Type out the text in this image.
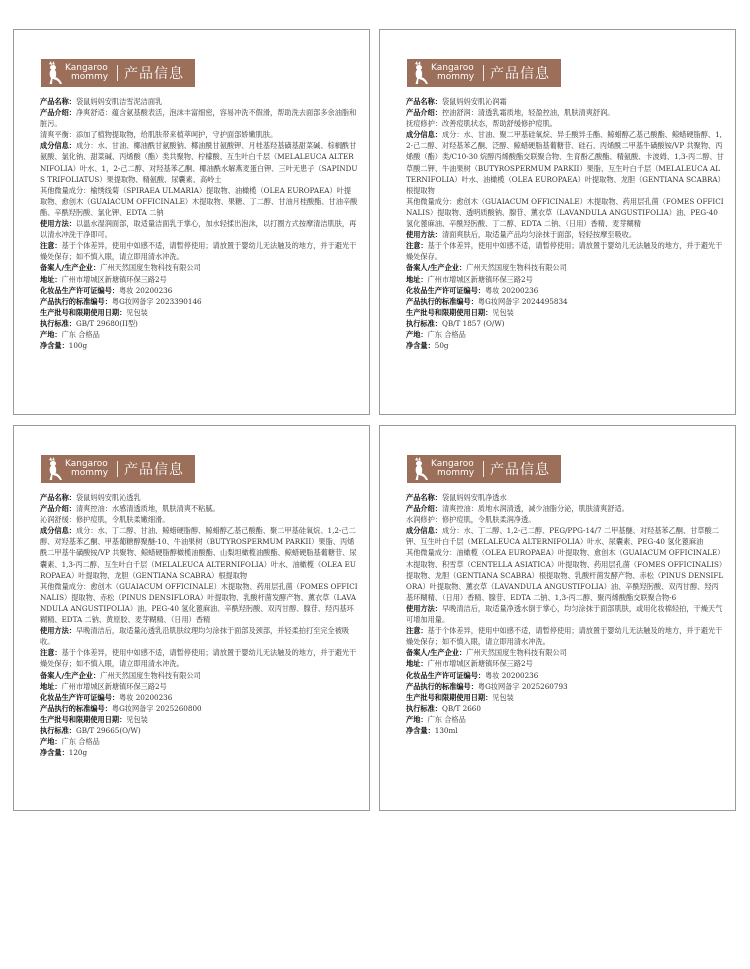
Kangaroo
mommy	产品信息
产品名称：袋鼠妈妈安肌洁雪泥洁面乳
产品介绍：净爽舒适：蕴含氨基酸表活，泡沫丰富细密，容易冲洗不假滑，帮助洗去面部多余油脂和脏污。
清爽平衡：添加了植物提取物，给肌肤带来植萃呵护，守护面部娇嫩肌肤。
成分信息：成分：水、甘油、椰油酰甘氨酸钠、椰油酰甘氨酸钾、月桂基羟基磺基甜菜碱、棕榈酰甘氨酸、氯化钠、甜菜碱、丙烯酸（酯）类共聚物、柠檬酸、互生叶白千层（MELALEUCA ALTERNIFOLIA）叶水、1，2-己二醇、对羟基苯乙酮、椰油酰水解燕麦蛋白钾、三叶无患子（SAPINDUS TRIFOLIATUS）果提取物、精氨酸、尿囊素、高岭土
其他微量成分：榆绣线菊（SPIRAEA ULMARIA）提取物、油橄榄（OLEA EUROPAEA）叶提取物、愈创木（GUAIACUM OFFICINALE）木提取物、果糖、丁二醇、甘油月桂酸酯、甘油辛酸酯、辛酰羟肟酸、氯化钾、EDTA 二钠
使用方法：以温水湿润面部，取适量洁面乳于掌心，加水轻揉出泡沫，以打圈方式按摩清洁肌肤，再以清水冲洗干净即可。
注意：基于个体差异，使用中如感不适，请暂停使用；请放置于婴幼儿无法触及的地方，并于避光干燥处保存；如不慎入眼，请立即用清水冲洗。
备案人/生产企业：广州天然国度生物科技有限公司
地址：广州市增城区新塘镇环保三路2号
化妆品生产许可证编号：粤妆 20200236
产品执行的标准编号：粤G妆网备字 2023390146
生产批号和限期使用日期：见包装
执行标准：GB/T 29680(II型)
产地：广东 合格品
净含量：100g
Kangaroo
mommy	产品信息
产品名称：袋鼠妈妈安肌沁润霜
产品介绍：控油舒润：清透乳霜质地，轻盈控油，肌肤清爽舒润。
抚痘修护：改善痘肌状态，帮助舒缓修护痘肌。
成分信息：成分：水、甘油、聚二甲基硅氧烷、异壬酸异壬酯、鲸蜡醇乙基己酸酯、鲸蜡硬脂醇、1,2-己二醇、对羟基苯乙酮、泛醇、鲸蜡硬脂基葡糖苷、硅石、丙烯酰二甲基牛磺酸铵/VP 共聚物、丙烯酸（酯）类/C10-30 烷醇丙烯酸酯交联聚合物、生育酚乙酸酯、精氨酸、卡波姆、1,3-丙二醇、甘草酸二钾、牛油果树（BUTYROSPERMUM PARKII）果脂、互生叶白千层（MELALEUCA ALTERNIFOLIA）叶水、油橄榄（OLEA EUROPAEA）叶提取物、龙胆（GENTIANA SCABRA）根提取物
其他微量成分：愈创木（GUAIACUM OFFICINALE）木提取物、药用层孔菌（FOMES OFFICINALIS）提取物、透明质酸钠、腺苷、薰衣草（LAVANDULA ANGUSTIFOLIA）油、PEG-40 氢化蓖麻油、辛酰羟肟酸、丁二醇、EDTA 二钠、（日用）香精、麦芽糊精
使用方法：清面爽肤后，取适量产品均匀涂抹于面部，轻轻按摩至吸收。
注意：基于个体差异，使用中如感不适，请暂停使用；请放置于婴幼儿无法触及的地方，并于避光干燥处保存。
备案人/生产企业：广州天然国度生物科技有限公司
地址：广州市增城区新塘镇环保三路2号
化妆品生产许可证编号：粤妆 20200236
产品执行的标准编号：粤G妆网备字 2024495834
生产批号和限期使用日期：见包装
执行标准：QB/T 1857 (O/W)
产地：广东 合格品
净含量：50g
Kangaroo
mommy	产品信息
产品名称：袋鼠妈妈安肌沁透乳
产品介绍：清爽控油：水感清透质地，肌肤清爽不粘腻。
沁润舒缓：修护痘肌，令肌肤柔嫩细滑。
成分信息：成分：水、丁二醇、甘油、鲸蜡硬脂醇、鲸蜡醇乙基己酸酯、聚二甲基硅氧烷、1,2-己二醇、对羟基苯乙酮、甲基葡糖醇聚醚-10、牛油果树（BUTYROSPERMUM PARKII）果脂、丙烯酰二甲基牛磺酸铵/VP 共聚物、鲸蜡硬脂醇橄榄油酸酯、山梨坦橄榄油酸酯、鲸蜡硬脂基葡糖苷、尿囊素、1,3-丙二醇、互生叶白千层（MELALEUCA ALTERNIFOLIA）叶水、油橄榄（OLEA EUROPAEA）叶提取物、龙胆（GENTIANA SCABRA）根提取物
其他微量成分：愈创木（GUAIACUM OFFICINALE）木提取物、药用层孔菌（FOMES OFFICINALIS）提取物、赤松（PINUS DENSIFLORA）叶提取物、乳酸杆菌发酵产物、薰衣草（LAVANDULA ANGUSTIFOLIA）油、PEG-40 氢化蓖麻油、辛酰羟肟酸、双丙甘醇、腺苷、羟丙基环糊精、EDTA 二钠、黄原胶、麦芽糊精、（日用）香精
使用方法：早晚清洁后，取适量沁透乳沿肌肤纹理均匀涂抹于面部及颈部，并轻柔拍打至完全被吸收。
注意：基于个体差异，使用中如感不适，请暂停使用；请放置于婴幼儿无法触及的地方，并于避光干燥处保存；如不慎入眼，请立即用清水冲洗。
备案人/生产企业：广州天然国度生物科技有限公司
地址：广州市增城区新塘镇环保三路2号
化妆品生产许可证编号：粤妆 20200236
产品执行的标准编号：粤G妆网备字 2025260800
生产批号和限期使用日期：见包装
执行标准：GB/T 29665(O/W)
产地：广东 合格品
净含量：120g
Kangaroo
mommy	产品信息
产品名称：袋鼠妈妈安肌净透水
产品介绍：清爽控油：质地水润清透，减少油脂分泌，肌肤清爽舒适。
水润修护：修护痘肌，令肌肤柔润净透。
成分信息：成分：水、丁二醇、1,2-己二醇、PEG/PPG-14/7 二甲基醚、对羟基苯乙酮、甘草酸二钾、互生叶白千层（MELALEUCA ALTERNIFOLIA）叶水、尿囊素、PEG-40 氢化蓖麻油
其他微量成分：油橄榄（OLEA EUROPAEA）叶提取物、愈创木（GUAIACUM OFFICINALE）木提取物、积雪草（CENTELLA ASIATICA）叶提取物、药用层孔菌（FOMES OFFICINALIS）提取物、龙胆（GENTIANA SCABRA）根提取物、乳酸杆菌发酵产物、赤松（PINUS DENSIFLORA）叶提取物、薰衣草（LAVANDULA ANGUSTIFOLIA）油、辛酰羟肟酸、双丙甘醇、羟丙基环糊精、（日用）香精、腺苷、EDTA 二钠、1,3-丙二醇、聚丙烯酸酯交联聚合物-6
使用方法：早晚清洁后，取适量净透水倒于掌心，均匀涂抹于面部肌肤，或用化妆棉轻拍，干燥天气可增加用量。
注意：基于个体差异，使用中如感不适，请暂停使用；请放置于婴幼儿无法触及的地方，并于避光干燥处保存；如不慎入眼，请立即用清水冲洗。
备案人/生产企业：广州天然国度生物科技有限公司
地址：广州市增城区新塘镇环保三路2号
化妆品生产许可证编号：粤妆 20200236
产品执行的标准编号：粤G妆网备字 2025260793
生产批号和限期使用日期：见包装
执行标准：QB/T 2660
产地：广东 合格品
净含量：130ml
